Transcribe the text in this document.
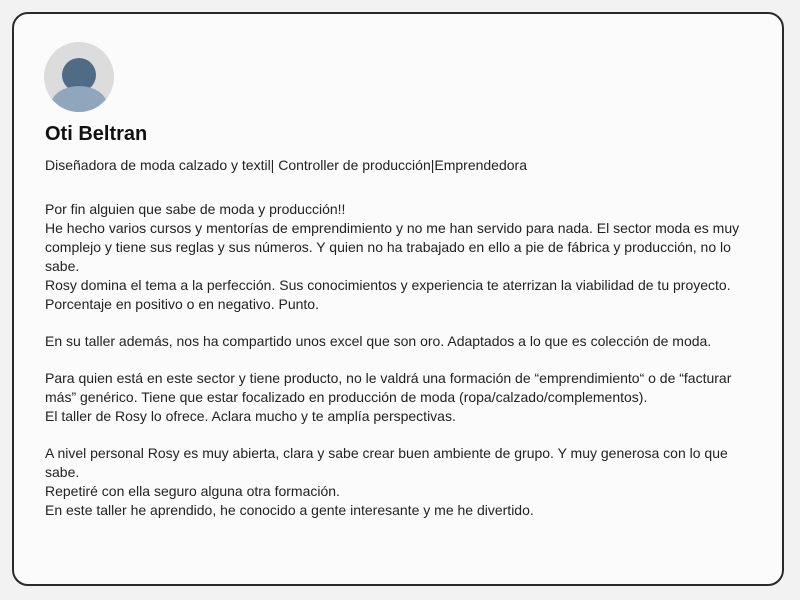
Oti Beltran

Diseñadora de moda calzado y textil| Controller de producción|Emprendedora

Por fin alguien que sabe de moda y producción!!
He hecho varios cursos y mentorías de emprendimiento y no me han servido para nada. El sector moda es muy complejo y tiene sus reglas y sus números. Y quien no ha trabajado en ello a pie de fábrica y producción, no lo sabe.
Rosy domina el tema a la perfección. Sus conocimientos y experiencia te aterrizan la viabilidad de tu proyecto. Porcentaje en positivo o en negativo. Punto.

En su taller además, nos ha compartido unos excel que son oro. Adaptados a lo que es colección de moda.

Para quien está en este sector y tiene producto, no le valdrá una formación de “emprendimiento“ o de “facturar más” genérico. Tiene que estar focalizado en producción de moda (ropa/calzado/complementos).
El taller de Rosy lo ofrece. Aclara mucho y te amplía perspectivas.

A nivel personal Rosy es muy abierta, clara y sabe crear buen ambiente de grupo. Y muy generosa con lo que sabe.
Repetiré con ella seguro alguna otra formación.
En este taller he aprendido, he conocido a gente interesante y me he divertido.
